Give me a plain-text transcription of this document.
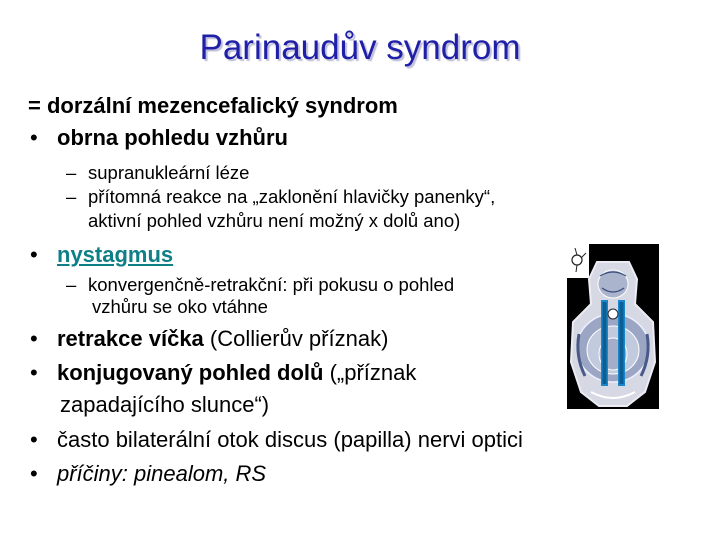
Parinaudův syndrom
= dorzální mezencefalický syndrom
• obrna pohledu vzhůru
– supranukleární léze
– přítomná reakce na „zaklonění hlavičky panenky“,
aktivní pohled vzhůru není možný x dolů ano)
• nystagmus
– konvergenčně-retrakční: při pokusu o pohled
vzhůru se oko vtáhne
• retrakce víčka (Collierův příznak)
• konjugovaný pohled dolů („příznak
zapadajícího slunce“)
• často bilaterální otok discus (papilla) nervi optici
• příčiny: pinealom, RS
